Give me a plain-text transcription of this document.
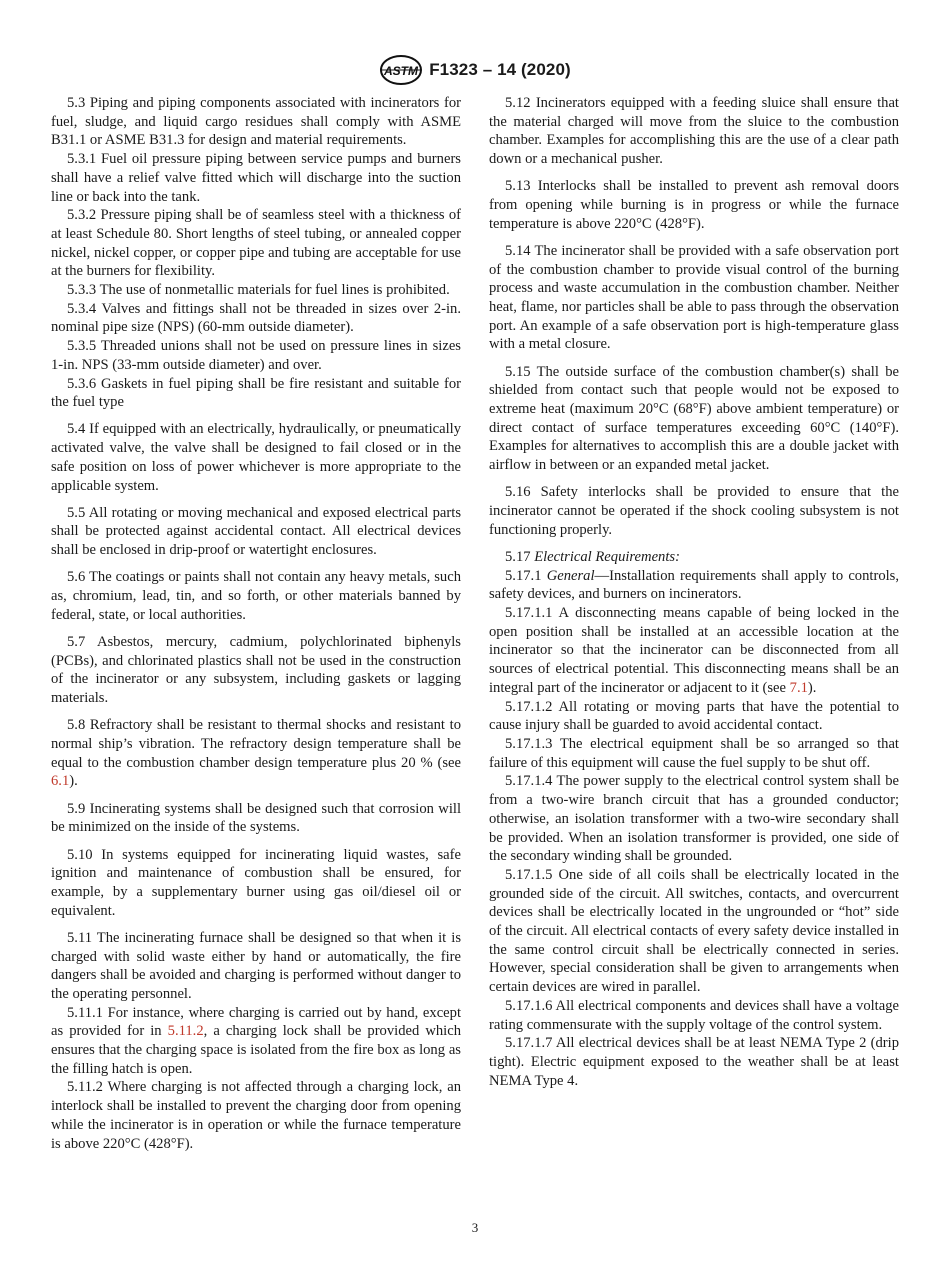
ASTM F1323 – 14 (2020)

5.3 Piping and piping components associated with incinerators for fuel, sludge, and liquid cargo residues shall comply with ASME B31.1 or ASME B31.3 for design and material requirements.

5.3.1 Fuel oil pressure piping between service pumps and burners shall have a relief valve fitted which will discharge into the suction line or back into the tank.

5.3.2 Pressure piping shall be of seamless steel with a thickness of at least Schedule 80. Short lengths of steel tubing, or annealed copper nickel, nickel copper, or copper pipe and tubing are acceptable for use at the burners for flexibility.

5.3.3 The use of nonmetallic materials for fuel lines is prohibited.

5.3.4 Valves and fittings shall not be threaded in sizes over 2-in. nominal pipe size (NPS) (60-mm outside diameter).

5.3.5 Threaded unions shall not be used on pressure lines in sizes 1-in. NPS (33-mm outside diameter) and over.

5.3.6 Gaskets in fuel piping shall be fire resistant and suitable for the fuel type

5.4 If equipped with an electrically, hydraulically, or pneumatically activated valve, the valve shall be designed to fail closed or in the safe position on loss of power whichever is more appropriate to the applicable system.

5.5 All rotating or moving mechanical and exposed electrical parts shall be protected against accidental contact. All electrical devices shall be enclosed in drip-proof or watertight enclosures.

5.6 The coatings or paints shall not contain any heavy metals, such as, chromium, lead, tin, and so forth, or other materials banned by federal, state, or local authorities.

5.7 Asbestos, mercury, cadmium, polychlorinated biphenyls (PCBs), and chlorinated plastics shall not be used in the construction of the incinerator or any subsystem, including gaskets or lagging materials.

5.8 Refractory shall be resistant to thermal shocks and resistant to normal ship’s vibration. The refractory design temperature shall be equal to the combustion chamber design temperature plus 20 % (see 6.1).

5.9 Incinerating systems shall be designed such that corrosion will be minimized on the inside of the systems.

5.10 In systems equipped for incinerating liquid wastes, safe ignition and maintenance of combustion shall be ensured, for example, by a supplementary burner using gas oil/diesel oil or equivalent.

5.11 The incinerating furnace shall be designed so that when it is charged with solid waste either by hand or automatically, the fire dangers shall be avoided and charging is performed without danger to the operating personnel.

5.11.1 For instance, where charging is carried out by hand, except as provided for in 5.11.2, a charging lock shall be provided which ensures that the charging space is isolated from the fire box as long as the filling hatch is open.

5.11.2 Where charging is not affected through a charging lock, an interlock shall be installed to prevent the charging door from opening while the incinerator is in operation or while the furnace temperature is above 220°C (428°F).

5.12 Incinerators equipped with a feeding sluice shall ensure that the material charged will move from the sluice to the combustion chamber. Examples for accomplishing this are the use of a clear path down or a mechanical pusher.

5.13 Interlocks shall be installed to prevent ash removal doors from opening while burning is in progress or while the furnace temperature is above 220°C (428°F).

5.14 The incinerator shall be provided with a safe observation port of the combustion chamber to provide visual control of the burning process and waste accumulation in the combustion chamber. Neither heat, flame, nor particles shall be able to pass through the observation port. An example of a safe observation port is high-temperature glass with a metal closure.

5.15 The outside surface of the combustion chamber(s) shall be shielded from contact such that people would not be exposed to extreme heat (maximum 20°C (68°F) above ambient temperature) or direct contact of surface temperatures exceeding 60°C (140°F). Examples for alternatives to accomplish this are a double jacket with airflow in between or an expanded metal jacket.

5.16 Safety interlocks shall be provided to ensure that the incinerator cannot be operated if the shock cooling subsystem is not functioning properly.

5.17 Electrical Requirements:

5.17.1 General—Installation requirements shall apply to controls, safety devices, and burners on incinerators.

5.17.1.1 A disconnecting means capable of being locked in the open position shall be installed at an accessible location at the incinerator so that the incinerator can be disconnected from all sources of electrical potential. This disconnecting means shall be an integral part of the incinerator or adjacent to it (see 7.1).

5.17.1.2 All rotating or moving parts that have the potential to cause injury shall be guarded to avoid accidental contact.

5.17.1.3 The electrical equipment shall be so arranged so that failure of this equipment will cause the fuel supply to be shut off.

5.17.1.4 The power supply to the electrical control system shall be from a two-wire branch circuit that has a grounded conductor; otherwise, an isolation transformer with a two-wire secondary shall be provided. When an isolation transformer is provided, one side of the secondary winding shall be grounded.

5.17.1.5 One side of all coils shall be electrically located in the grounded side of the circuit. All switches, contacts, and overcurrent devices shall be electrically located in the ungrounded or “hot” side of the circuit. All electrical contacts of every safety device installed in the same control circuit shall be electrically connected in series. However, special consideration shall be given to arrangements when certain devices are wired in parallel.

5.17.1.6 All electrical components and devices shall have a voltage rating commensurate with the supply voltage of the control system.

5.17.1.7 All electrical devices shall be at least NEMA Type 2 (drip tight). Electric equipment exposed to the weather shall be at least NEMA Type 4.

3
